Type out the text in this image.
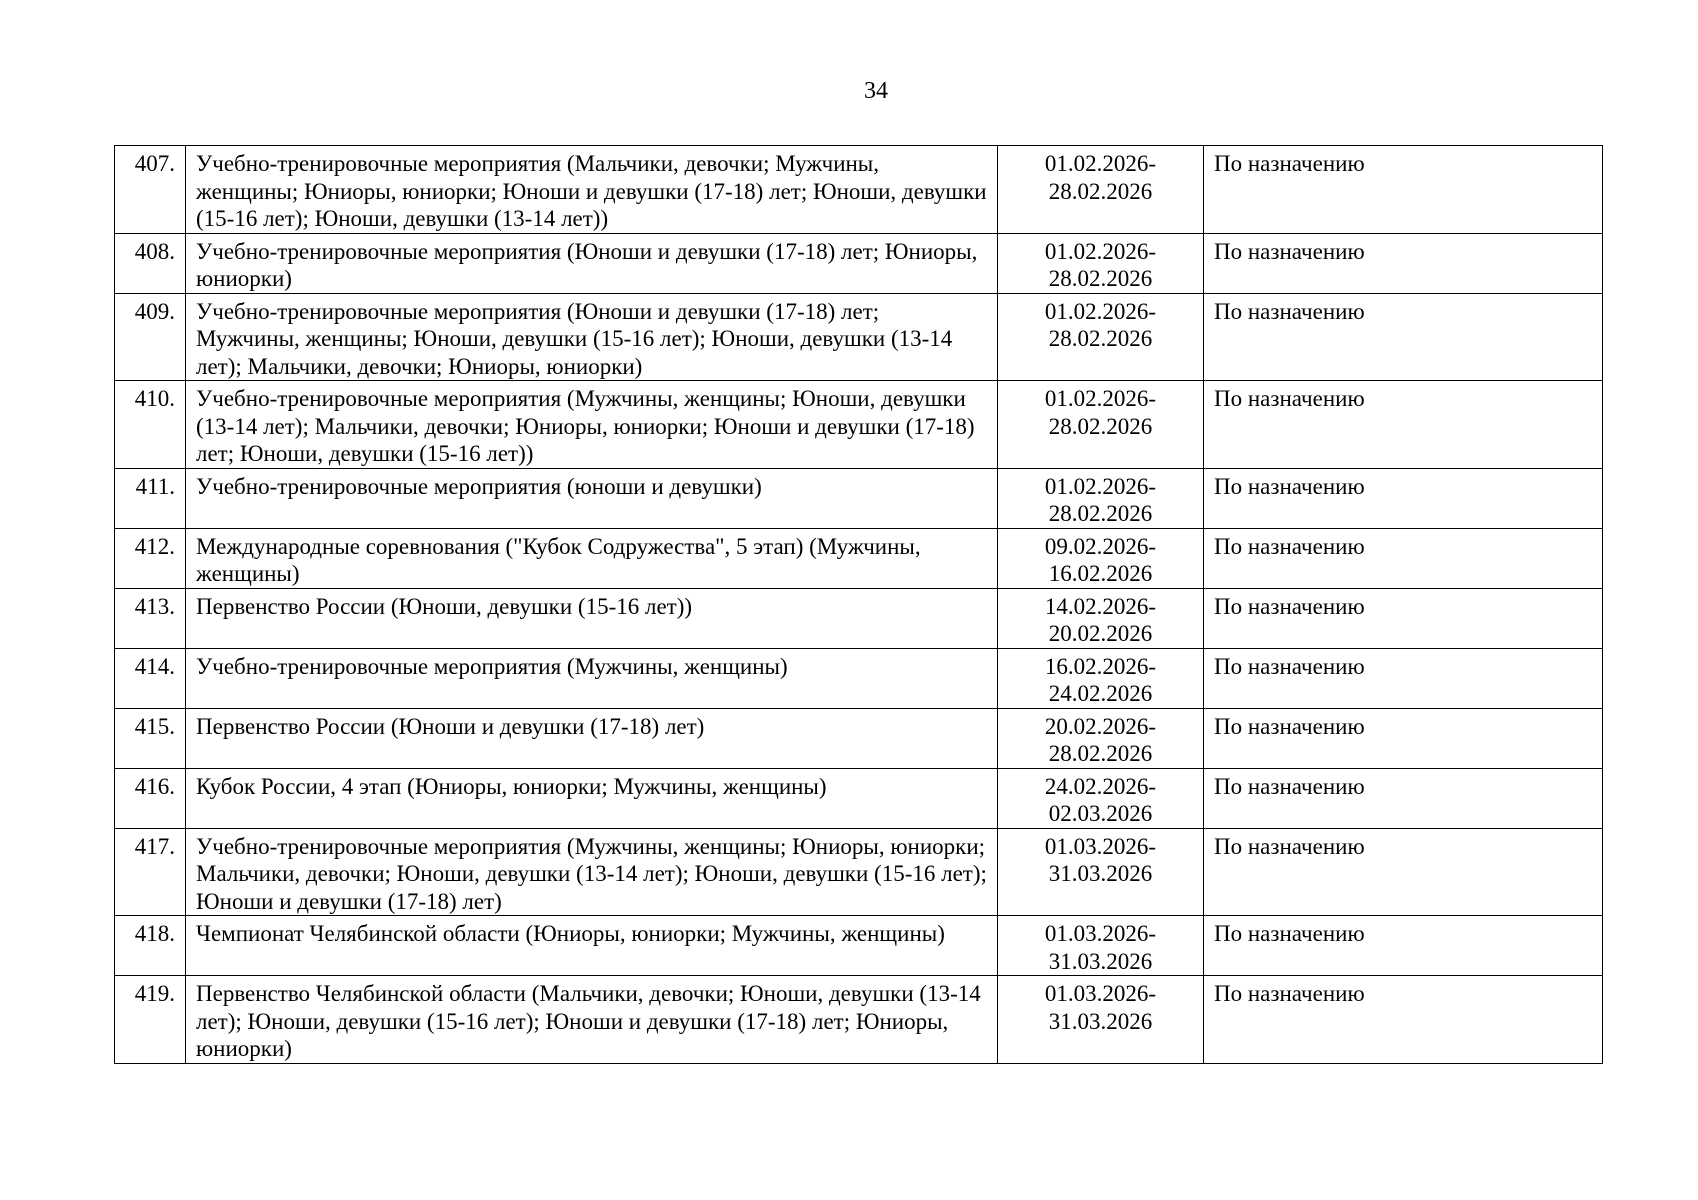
34
407.	Учебно-тренировочные мероприятия (Мальчики, девочки; Мужчины, женщины; Юниоры, юниорки; Юноши и девушки (17-18) лет; Юноши, девушки (15-16 лет); Юноши, девушки (13-14 лет))	01.02.2026-
28.02.2026	По назначению
408.	Учебно-тренировочные мероприятия (Юноши и девушки (17-18) лет; Юниоры, юниорки)	01.02.2026-
28.02.2026	По назначению
409.	Учебно-тренировочные мероприятия (Юноши и девушки (17-18) лет; Мужчины, женщины; Юноши, девушки (15-16 лет); Юноши, девушки (13-14 лет); Мальчики, девочки; Юниоры, юниорки)	01.02.2026-
28.02.2026	По назначению
410.	Учебно-тренировочные мероприятия (Мужчины, женщины; Юноши, девушки (13-14 лет); Мальчики, девочки; Юниоры, юниорки; Юноши и девушки (17-18) лет; Юноши, девушки (15-16 лет))	01.02.2026-
28.02.2026	По назначению
411.	Учебно-тренировочные мероприятия (юноши и девушки)	01.02.2026-
28.02.2026	По назначению
412.	Международные соревнования ("Кубок Содружества", 5 этап) (Мужчины, женщины)	09.02.2026-
16.02.2026	По назначению
413.	Первенство России (Юноши, девушки (15-16 лет))	14.02.2026-
20.02.2026	По назначению
414.	Учебно-тренировочные мероприятия (Мужчины, женщины)	16.02.2026-
24.02.2026	По назначению
415.	Первенство России (Юноши и девушки (17-18) лет)	20.02.2026-
28.02.2026	По назначению
416.	Кубок России, 4 этап (Юниоры, юниорки; Мужчины, женщины)	24.02.2026-
02.03.2026	По назначению
417.	Учебно-тренировочные мероприятия (Мужчины, женщины; Юниоры, юниорки; Мальчики, девочки; Юноши, девушки (13-14 лет); Юноши, девушки (15-16 лет); Юноши и девушки (17-18) лет)	01.03.2026-
31.03.2026	По назначению
418.	Чемпионат Челябинской области (Юниоры, юниорки; Мужчины, женщины)	01.03.2026-
31.03.2026	По назначению
419.	Первенство Челябинской области (Мальчики, девочки; Юноши, девушки (13-14 лет); Юноши, девушки (15-16 лет); Юноши и девушки (17-18) лет; Юниоры, юниорки)	01.03.2026-
31.03.2026	По назначению
